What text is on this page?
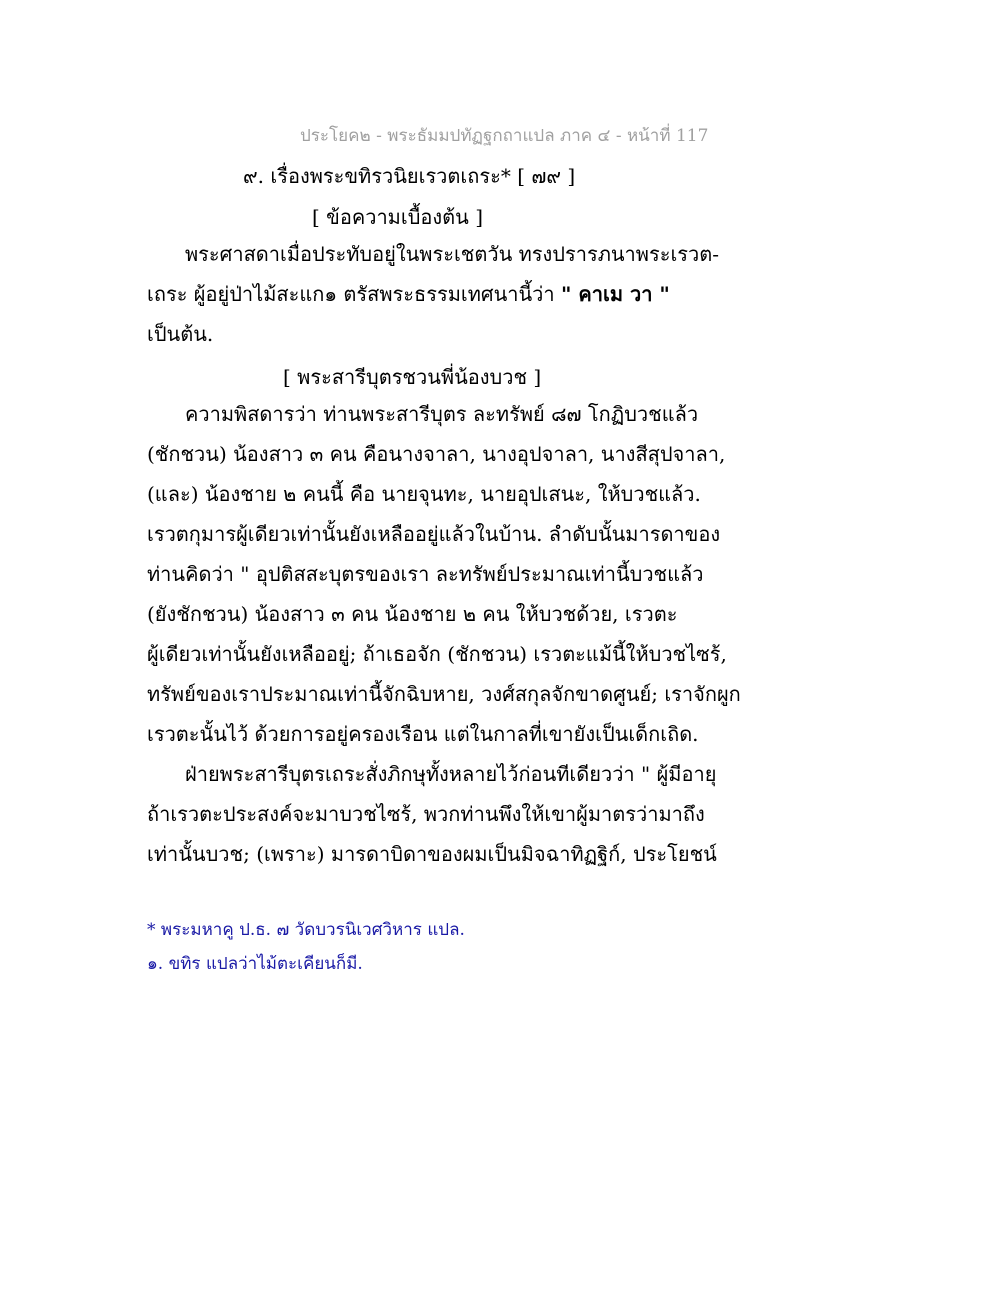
ประโยค๒ - พระธัมมปทัฏฐกถาแปล ภาค ๔ - หน้าที่ 117
๙. เรื่องพระขทิรวนิยเรวตเถระ* [ ๗๙ ]
[ ข้อความเบื้องต้น ]
พระศาสดาเมื่อประทับอยู่ในพระเชตวัน ทรงปรารภนาพระเรวต-
เถระ ผู้อยู่ป่าไม้สะแก๑ ตรัสพระธรรมเทศนานี้ว่า " คาเม วา "
เป็นต้น.
[ พระสารีบุตรชวนพี่น้องบวช ]
ความพิสดารว่า ท่านพระสารีบุตร ละทรัพย์ ๘๗ โกฏิบวชแล้ว
(ชักชวน) น้องสาว ๓ คน คือนางจาลา, นางอุปจาลา, นางสีสุปจาลา,
(และ) น้องชาย ๒ คนนี้ คือ นายจุนทะ, นายอุปเสนะ, ให้บวชแล้ว.
เรวตกุมารผู้เดียวเท่านั้นยังเหลืออยู่แล้วในบ้าน. ลำดับนั้นมารดาของ
ท่านคิดว่า " อุปติสสะบุตรของเรา ละทรัพย์ประมาณเท่านี้บวชแล้ว
(ยังชักชวน) น้องสาว ๓ คน น้องชาย ๒ คน ให้บวชด้วย, เรวตะ
ผู้เดียวเท่านั้นยังเหลืออยู่; ถ้าเธอจัก (ชักชวน) เรวตะแม้นี้ให้บวชไซร้,
ทรัพย์ของเราประมาณเท่านี้จักฉิบหาย, วงศ์สกุลจักขาดศูนย์; เราจักผูก
เรวตะนั้นไว้ ด้วยการอยู่ครองเรือน แต่ในกาลที่เขายังเป็นเด็กเถิด.
ฝ่ายพระสารีบุตรเถระสั่งภิกษุทั้งหลายไว้ก่อนทีเดียวว่า " ผู้มีอายุ
ถ้าเรวตะประสงค์จะมาบวชไซร้, พวกท่านพึงให้เขาผู้มาตรว่ามาถึง
เท่านั้นบวช; (เพราะ) มารดาบิดาของผมเป็นมิจฉาทิฏฐิก์, ประโยชน์
* พระมหาคู ป.ธ. ๗ วัดบวรนิเวศวิหาร แปล.
๑. ขทิร แปลว่าไม้ตะเคียนก็มี.
